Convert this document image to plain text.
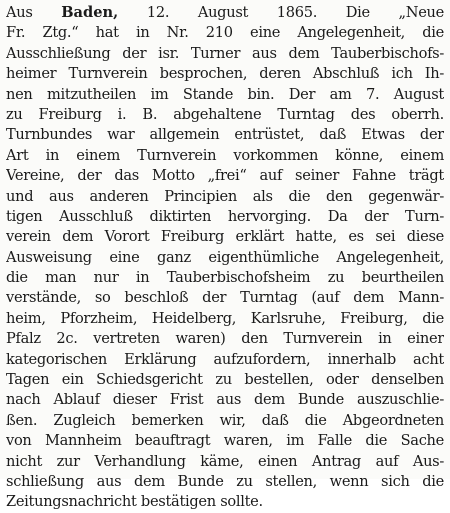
Aus Baden, 12. August 1865. Die „Neue
Fr. Ztg.“ hat in Nr. 210 eine Angelegenheit, die
Ausschließung der isr. Turner aus dem Tauberbischofs-
heimer Turnverein besprochen, deren Abschluß ich Ih-
nen mitzutheilen im Stande bin. Der am 7. August
zu Freiburg i. B. abgehaltene Turntag des oberrh.
Turnbundes war allgemein entrüstet, daß Etwas der
Art in einem Turnverein vorkommen könne, einem
Vereine, der das Motto „frei“ auf seiner Fahne trägt
und aus anderen Principien als die den gegenwär-
tigen Ausschluß diktirten hervorging. Da der Turn-
verein dem Vorort Freiburg erklärt hatte, es sei diese
Ausweisung eine ganz eigenthümliche Angelegenheit,
die man nur in Tauberbischofsheim zu beurtheilen
verstände, so beschloß der Turntag (auf dem Mann-
heim, Pforzheim, Heidelberg, Karlsruhe, Freiburg, die
Pfalz 2c. vertreten waren) den Turnverein in einer
kategorischen Erklärung aufzufordern, innerhalb acht
Tagen ein Schiedsgericht zu bestellen, oder denselben
nach Ablauf dieser Frist aus dem Bunde auszuschlie-
ßen. Zugleich bemerken wir, daß die Abgeordneten
von Mannheim beauftragt waren, im Falle die Sache
nicht zur Verhandlung käme, einen Antrag auf Aus-
schließung aus dem Bunde zu stellen, wenn sich die
Zeitungsnachricht bestätigen sollte.
